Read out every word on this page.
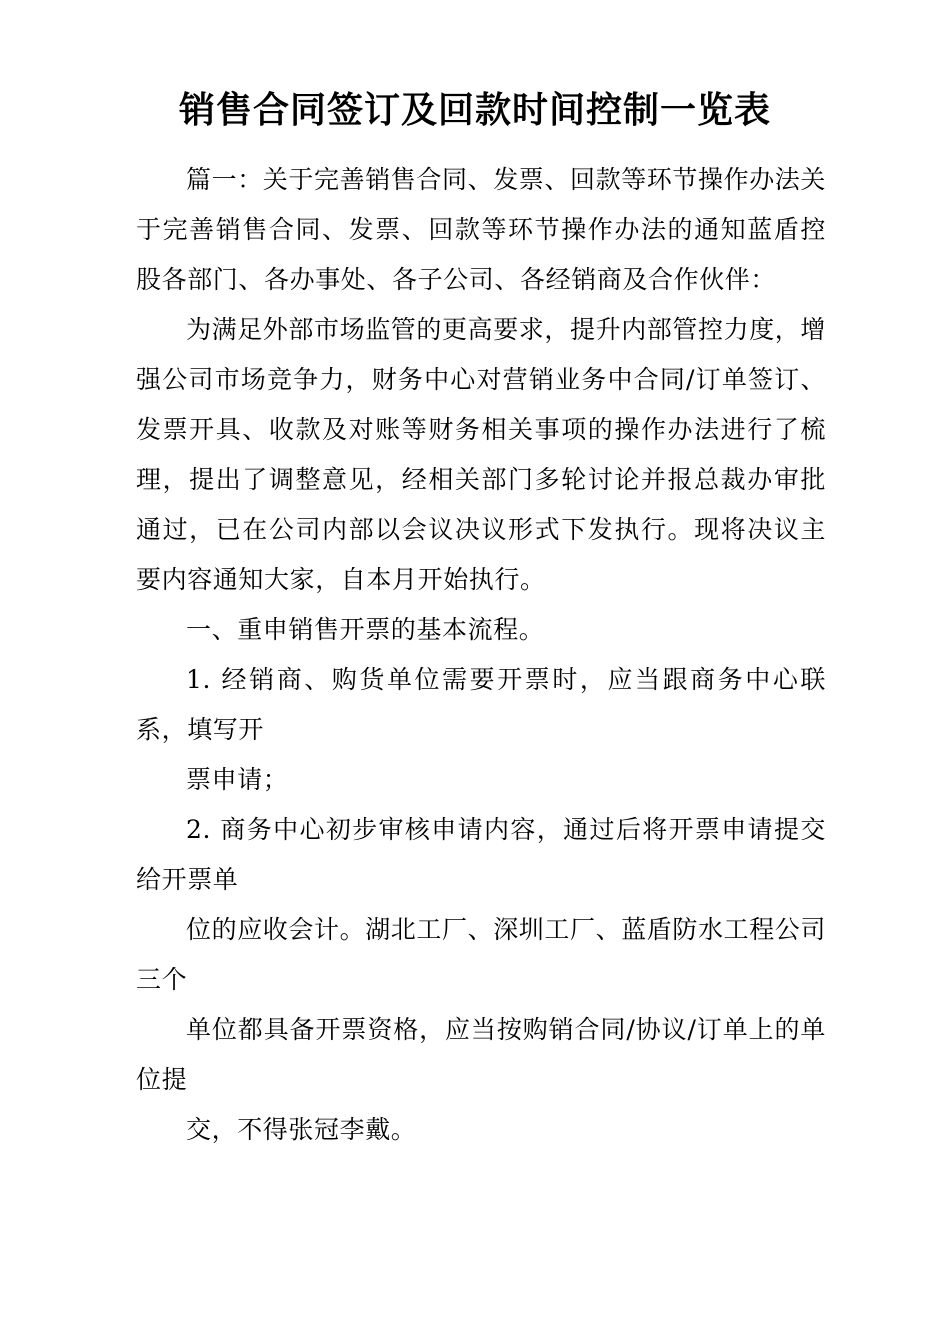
销售合同签订及回款时间控制一览表

篇一：关于完善销售合同、发票、回款等环节操作办法关于完善销售合同、发票、回款等环节操作办法的通知蓝盾控股各部门、各办事处、各子公司、各经销商及合作伙伴：

为满足外部市场监管的更高要求，提升内部管控力度，增强公司市场竞争力，财务中心对营销业务中合同/订单签订、发票开具、收款及对账等财务相关事项的操作办法进行了梳理，提出了调整意见，经相关部门多轮讨论并报总裁办审批通过，已在公司内部以会议决议形式下发执行。现将决议主要内容通知大家，自本月开始执行。

一、重申销售开票的基本流程。

1. 经销商、购货单位需要开票时，应当跟商务中心联系，填写开

票申请；

2. 商务中心初步审核申请内容，通过后将开票申请提交给开票单

位的应收会计。湖北工厂、深圳工厂、蓝盾防水工程公司三个

单位都具备开票资格，应当按购销合同/协议/订单上的单位提

交，不得张冠李戴。
